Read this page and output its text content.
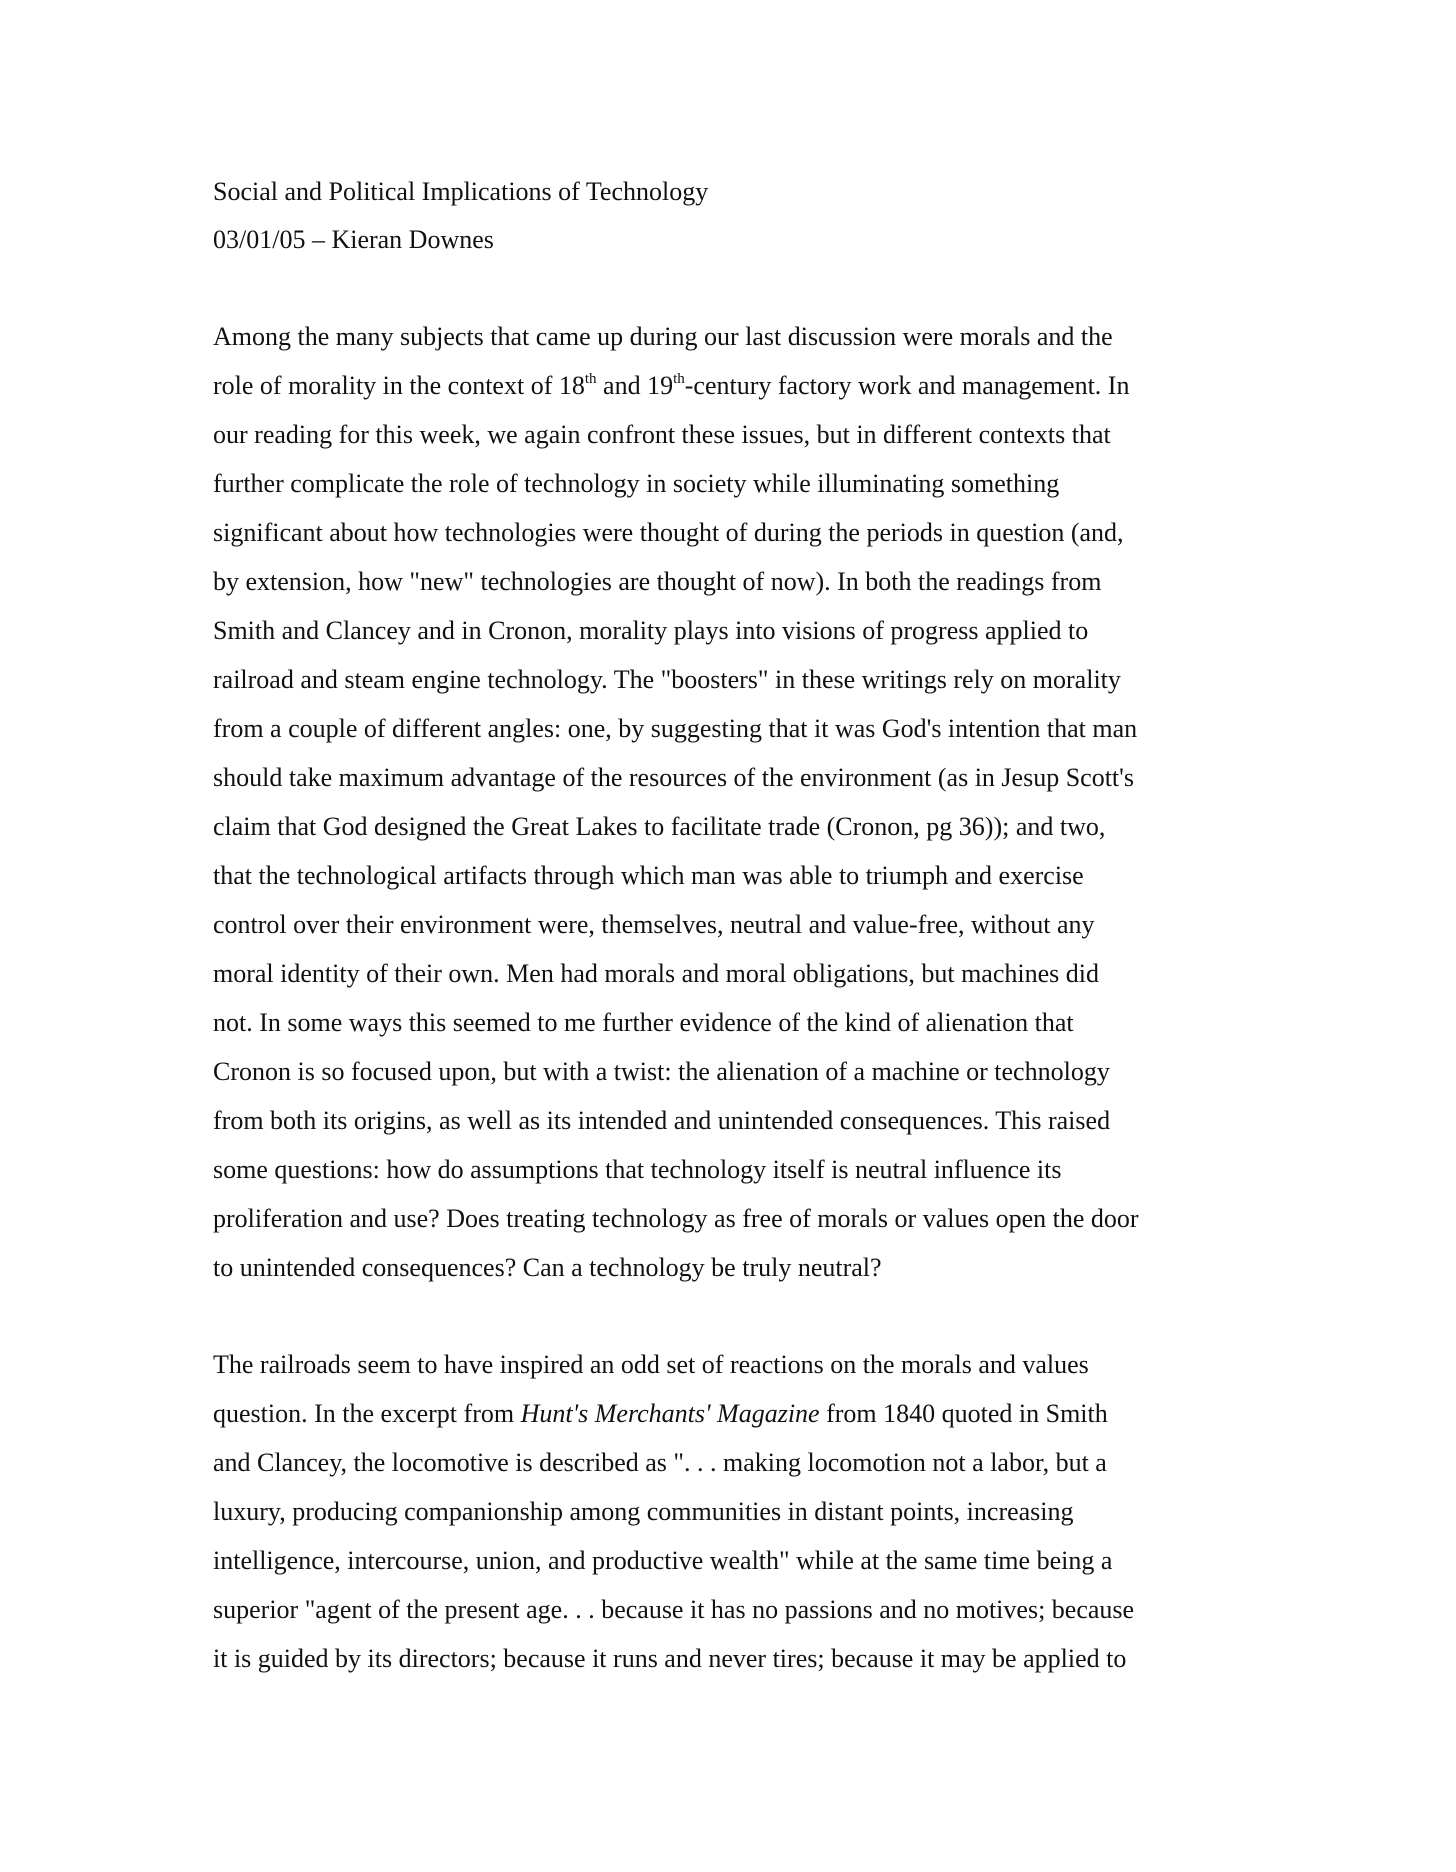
Social and Political Implications of Technology
03/01/05 – Kieran Downes
Among the many subjects that came up during our last discussion were morals and the
role of morality in the context of 18th and 19th-century factory work and management. In
our reading for this week, we again confront these issues, but in different contexts that
further complicate the role of technology in society while illuminating something
significant about how technologies were thought of during the periods in question (and,
by extension, how "new" technologies are thought of now). In both the readings from
Smith and Clancey and in Cronon, morality plays into visions of progress applied to
railroad and steam engine technology. The "boosters" in these writings rely on morality
from a couple of different angles: one, by suggesting that it was God's intention that man
should take maximum advantage of the resources of the environment (as in Jesup Scott's
claim that God designed the Great Lakes to facilitate trade (Cronon, pg 36)); and two,
that the technological artifacts through which man was able to triumph and exercise
control over their environment were, themselves, neutral and value-free, without any
moral identity of their own. Men had morals and moral obligations, but machines did
not. In some ways this seemed to me further evidence of the kind of alienation that
Cronon is so focused upon, but with a twist: the alienation of a machine or technology
from both its origins, as well as its intended and unintended consequences. This raised
some questions: how do assumptions that technology itself is neutral influence its
proliferation and use? Does treating technology as free of morals or values open the door
to unintended consequences? Can a technology be truly neutral?
The railroads seem to have inspired an odd set of reactions on the morals and values
question. In the excerpt from Hunt's Merchants' Magazine from 1840 quoted in Smith
and Clancey, the locomotive is described as ". . . making locomotion not a labor, but a
luxury, producing companionship among communities in distant points, increasing
intelligence, intercourse, union, and productive wealth" while at the same time being a
superior "agent of the present age. . . because it has no passions and no motives; because
it is guided by its directors; because it runs and never tires; because it may be applied to
